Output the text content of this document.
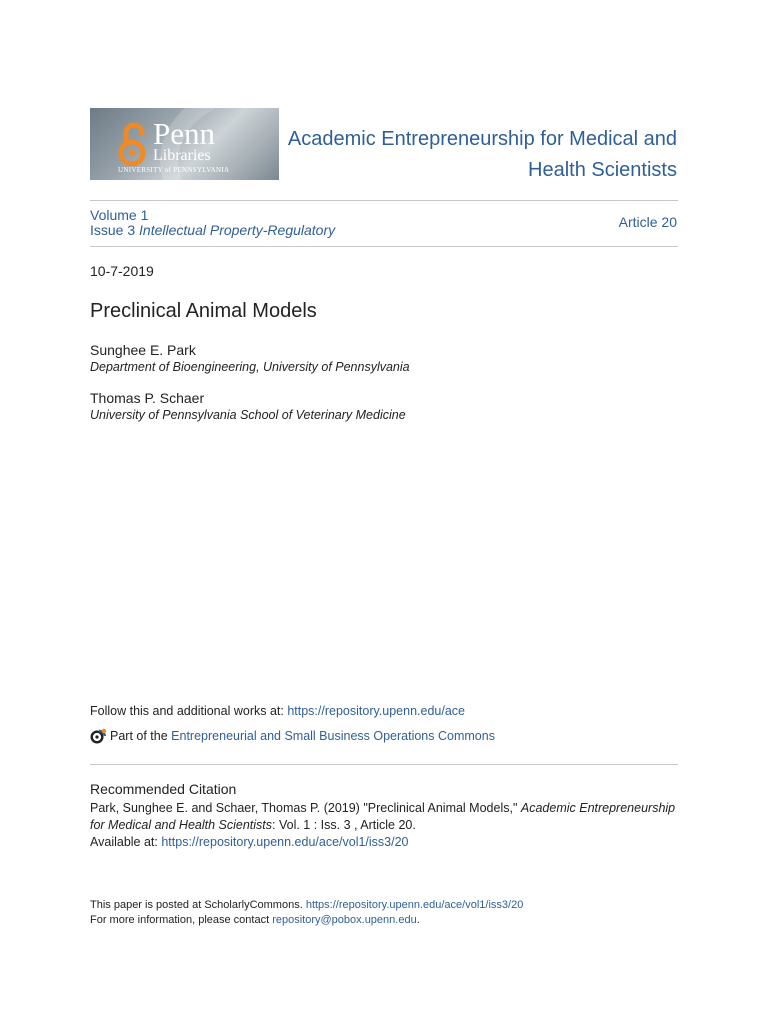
Penn
Libraries
UNIVERSITY of PENNSYLVANIA
Academic Entrepreneurship for Medical and
Health Scientists
Volume 1
Issue 3 Intellectual Property-Regulatory	Article 20
10-7-2019
Preclinical Animal Models
Sunghee E. Park
Department of Bioengineering, University of Pennsylvania
Thomas P. Schaer
University of Pennsylvania School of Veterinary Medicine
Follow this and additional works at: https://repository.upenn.edu/ace
Part of the
Entrepreneurial and Small Business Operations Commons
Recommended Citation
Park, Sunghee E. and Schaer, Thomas P. (2019) "Preclinical Animal Models," Academic Entrepreneurship for Medical and Health Scientists: Vol. 1 : Iss. 3 , Article 20.
Available at: https://repository.upenn.edu/ace/vol1/iss3/20
This paper is posted at ScholarlyCommons. https://repository.upenn.edu/ace/vol1/iss3/20
For more information, please contact repository@pobox.upenn.edu.
